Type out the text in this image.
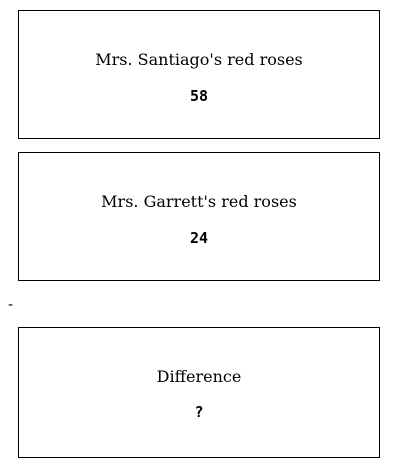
Mrs. Santiago's red roses
58
Mrs. Garrett's red roses
24
-
Difference
?
